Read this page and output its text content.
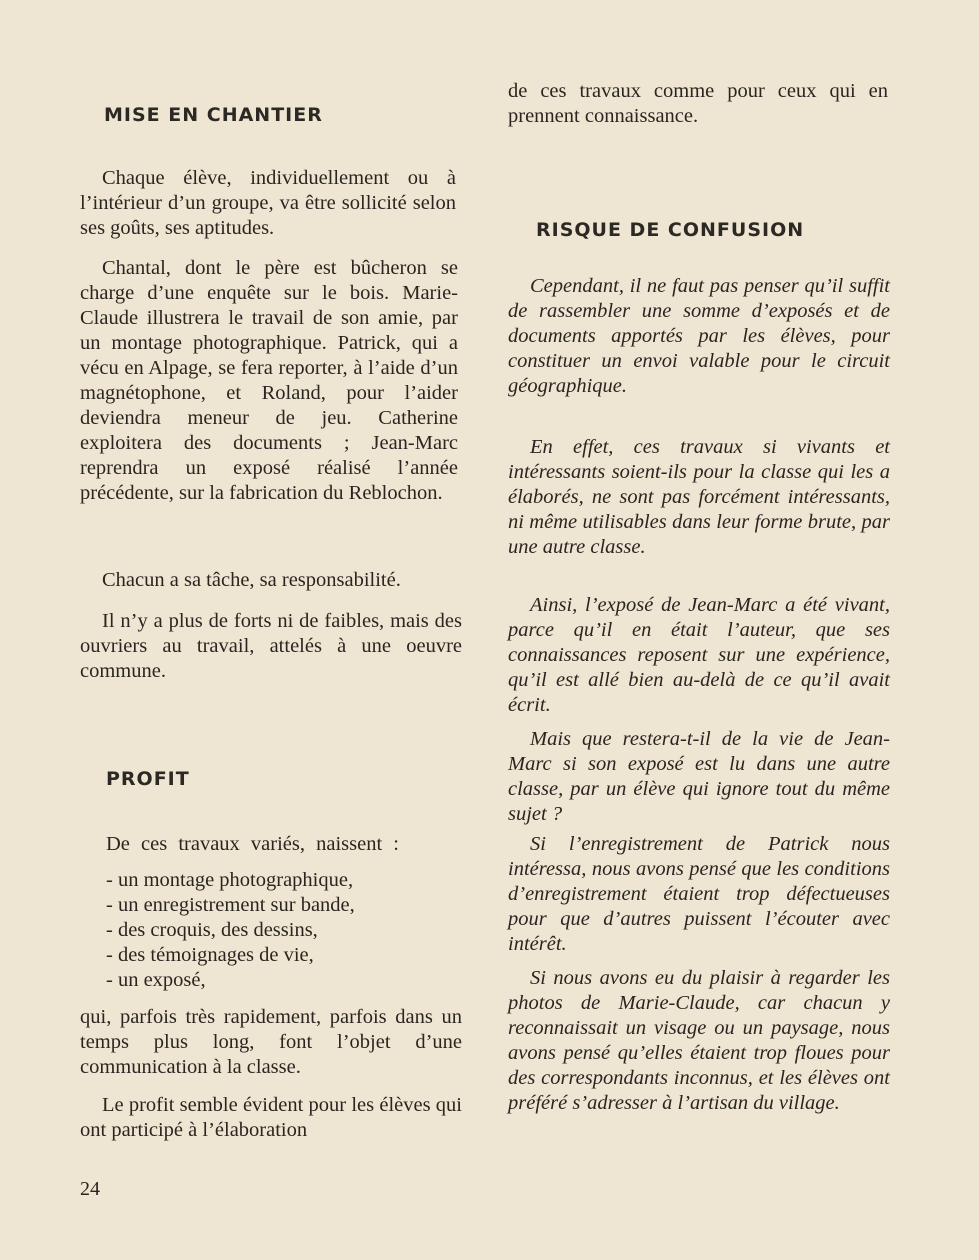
MISE EN CHANTIER

Chaque élève, individuellement ou à l’intérieur d’un groupe, va être sollicité selon ses goûts, ses aptitudes.

Chantal, dont le père est bûcheron se charge d’une enquête sur le bois. Marie-Claude illustrera le travail de son amie, par un montage photographique. Patrick, qui a vécu en Alpage, se fera reporter, à l’aide d’un magnétophone, et Roland, pour l’aider deviendra meneur de jeu. Catherine exploitera des documents ; Jean-Marc reprendra un exposé réalisé l’année précédente, sur la fabrication du Reblochon.

Chacun a sa tâche, sa responsabilité.

Il n’y a plus de forts ni de faibles, mais des ouvriers au travail, attelés à une oeuvre commune.

PROFIT

De ces travaux variés, naissent :

- un montage photographique,
- un enregistrement sur bande,
- des croquis, des dessins,
- des témoignages de vie,
- un exposé,

qui, parfois très rapidement, parfois dans un temps plus long, font l’objet d’une communication à la classe.

Le profit semble évident pour les élèves qui ont participé à l’élaboration

de ces travaux comme pour ceux qui en prennent connaissance.

RISQUE DE CONFUSION

Cependant, il ne faut pas penser qu’il suffit de rassembler une somme d’exposés et de documents apportés par les élèves, pour constituer un envoi valable pour le circuit géographique.

En effet, ces travaux si vivants et intéressants soient-ils pour la classe qui les a élaborés, ne sont pas forcément intéressants, ni même utilisables dans leur forme brute, par une autre classe.

Ainsi, l’exposé de Jean-Marc a été vivant, parce qu’il en était l’auteur, que ses connaissances reposent sur une expérience, qu’il est allé bien au-delà de ce qu’il avait écrit.

Mais que restera-t-il de la vie de Jean-Marc si son exposé est lu dans une autre classe, par un élève qui ignore tout du même sujet ?

Si l’enregistrement de Patrick nous intéressa, nous avons pensé que les conditions d’enregistrement étaient trop défectueuses pour que d’autres puissent l’écouter avec intérêt.

Si nous avons eu du plaisir à regarder les photos de Marie-Claude, car chacun y reconnaissait un visage ou un paysage, nous avons pensé qu’elles étaient trop floues pour des correspondants inconnus, et les élèves ont préféré s’adresser à l’artisan du village.

24
